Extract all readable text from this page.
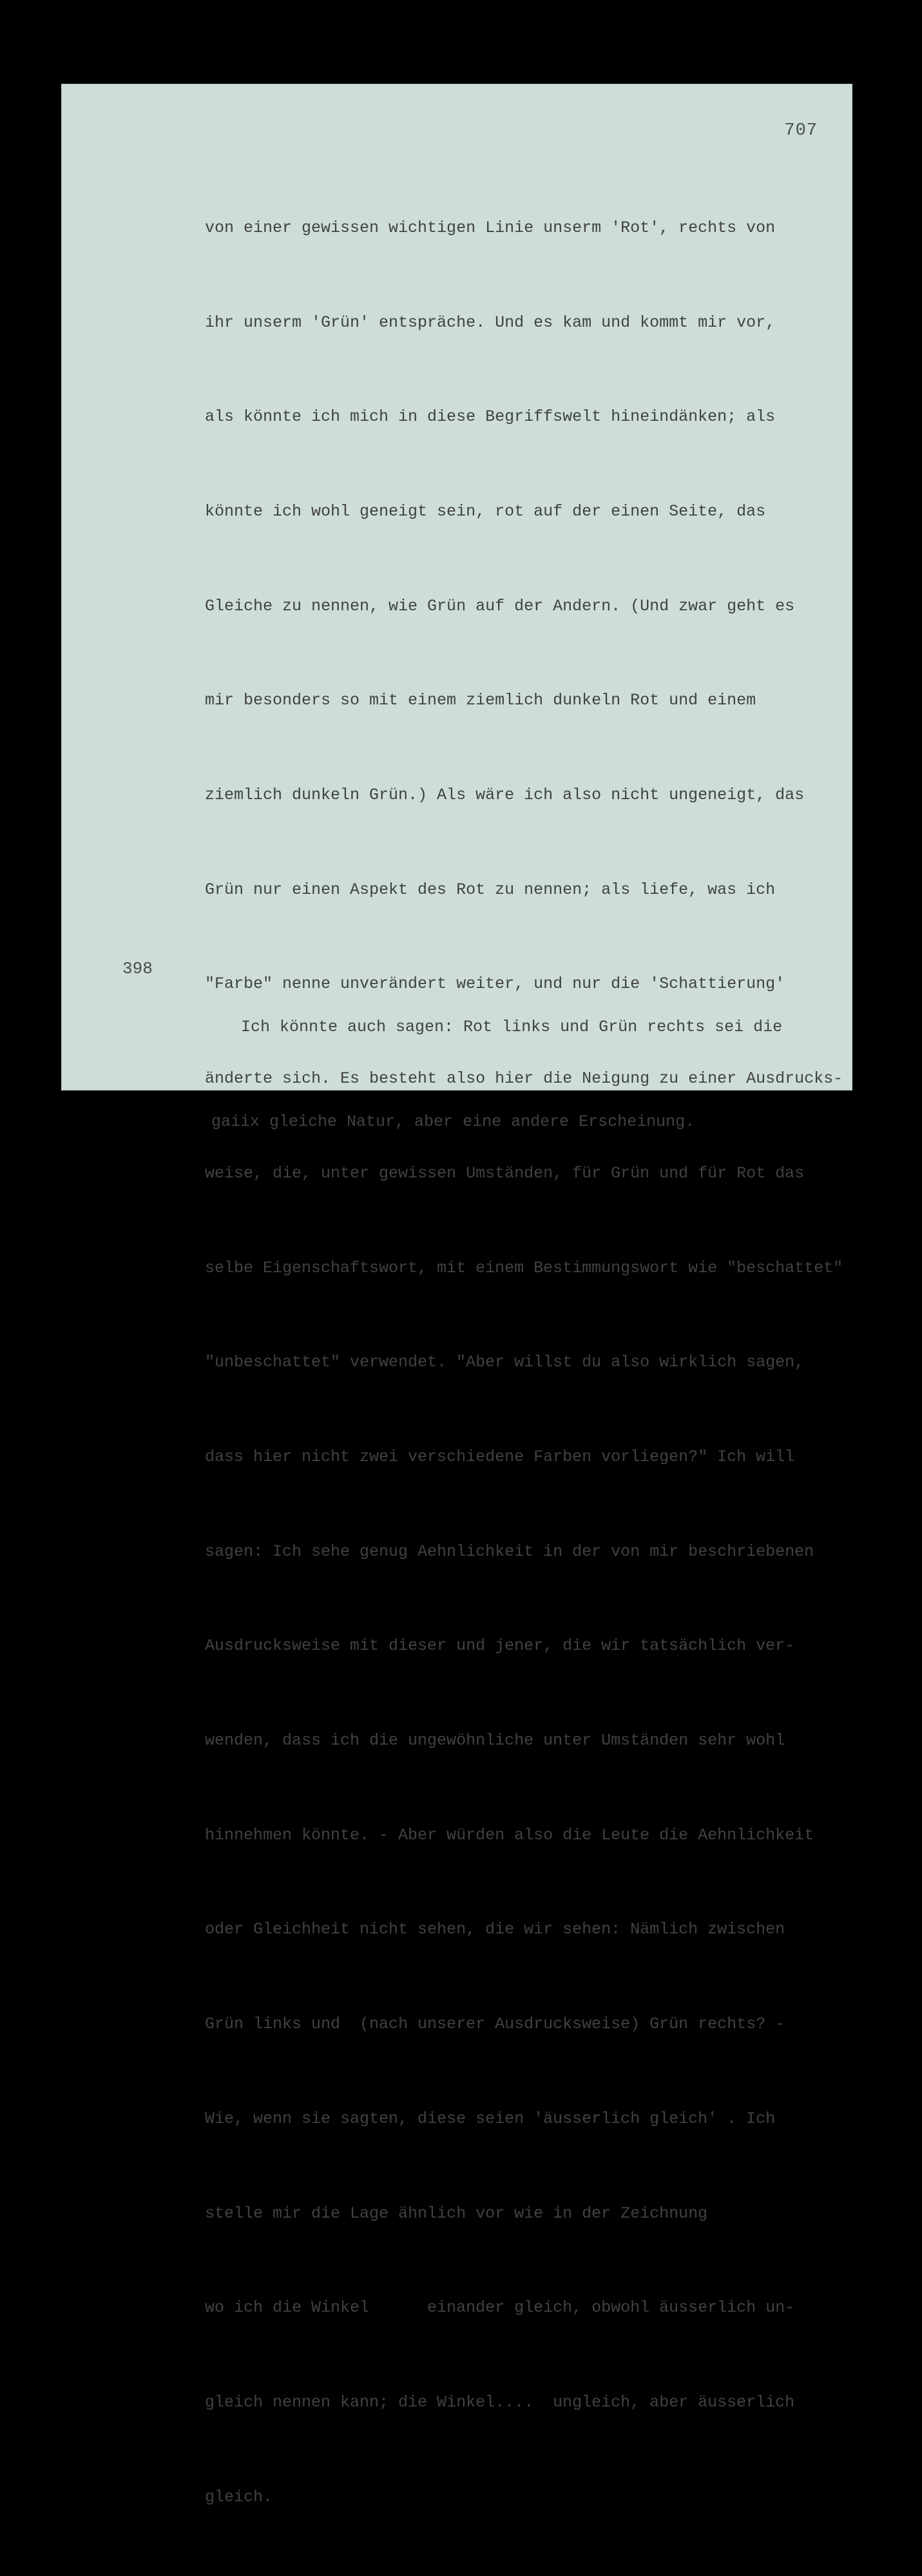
707

von einer gewissen wichtigen Linie unserm 'Rot', rechts von

ihr unserm 'Grün' entspräche. Und es kam und kommt mir vor,

als könnte ich mich in diese Begriffswelt hineindänken; als

könnte ich wohl geneigt sein, rot auf der einen Seite, das

Gleiche zu nennen, wie Grün auf der Andern. (Und zwar geht es

mir besonders so mit einem ziemlich dunkeln Rot und einem

ziemlich dunkeln Grün.) Als wäre ich also nicht ungeneigt, das

Grün nur einen Aspekt des Rot zu nennen; als liefe, was ich

"Farbe" nenne unverändert weiter, und nur die 'Schattierung'

änderte sich. Es besteht also hier die Neigung zu einer Ausdrucks-

weise, die, unter gewissen Umständen, für Grün und für Rot das

selbe Eigenschaftswort, mit einem Bestimmungswort wie "beschattet"

"unbeschattet" verwendet. "Aber willst du also wirklich sagen,

dass hier nicht zwei verschiedene Farben vorliegen?" Ich will

sagen: Ich sehe genug Aehnlichkeit in der von mir beschriebenen

Ausdrucksweise mit dieser und jener, die wir tatsächlich ver-

wenden, dass ich die ungewöhnliche unter Umständen sehr wohl

hinnehmen könnte. - Aber würden also die Leute die Aehnlichkeit

oder Gleichheit nicht sehen, die wir sehen: Nämlich zwischen

Grün links und  (nach unserer Ausdrucksweise) Grün rechts? -

Wie, wenn sie sagten, diese seien 'äusserlich gleich' . Ich

stelle mir die Lage ähnlich vor wie in der Zeichnung

wo ich die Winkel      einander gleich, obwohl äusserlich un-

gleich nennen kann; die Winkel....  ungleich, aber äusserlich

gleich.

398

Ich könnte auch sagen: Rot links und Grün rechts sei die

gaiix gleiche Natur, aber eine andere Erscheinung.
